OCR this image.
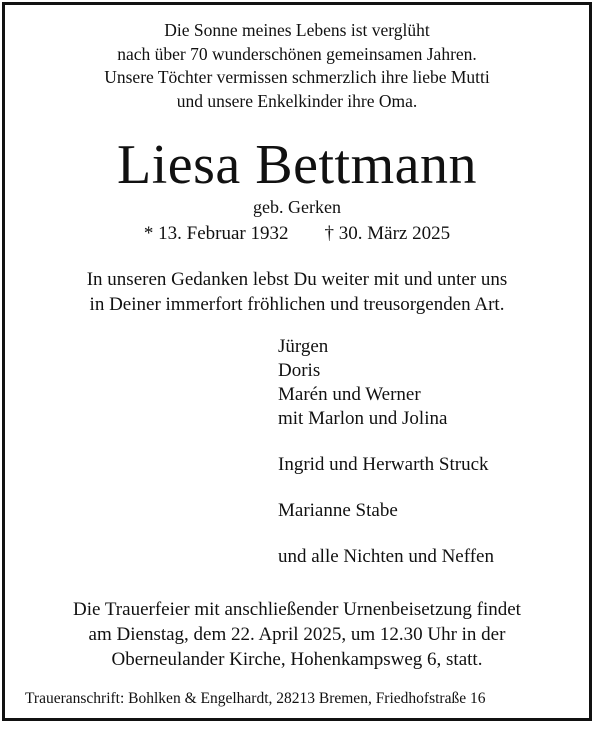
Die Sonne meines Lebens ist verglüht
nach über 70 wunderschönen gemeinsamen Jahren.
Unsere Töchter vermissen schmerzlich ihre liebe Mutti
und unsere Enkelkinder ihre Oma.
Liesa Bettmann
geb. Gerken
* 13. Februar 1932 † 30. März 2025
In unseren Gedanken lebst Du weiter mit und unter uns
in Deiner immerfort fröhlichen und treusorgenden Art.
Jürgen
Doris
Marén und Werner
mit Marlon und Jolina
Ingrid und Herwarth Struck
Marianne Stabe
und alle Nichten und Neffen
Die Trauerfeier mit anschließender Urnenbeisetzung findet
am Dienstag, dem 22. April 2025, um 12.30 Uhr in der
Oberneulander Kirche, Hohenkampsweg 6, statt.
Traueranschrift: Bohlken & Engelhardt, 28213 Bremen, Friedhofstraße 16
